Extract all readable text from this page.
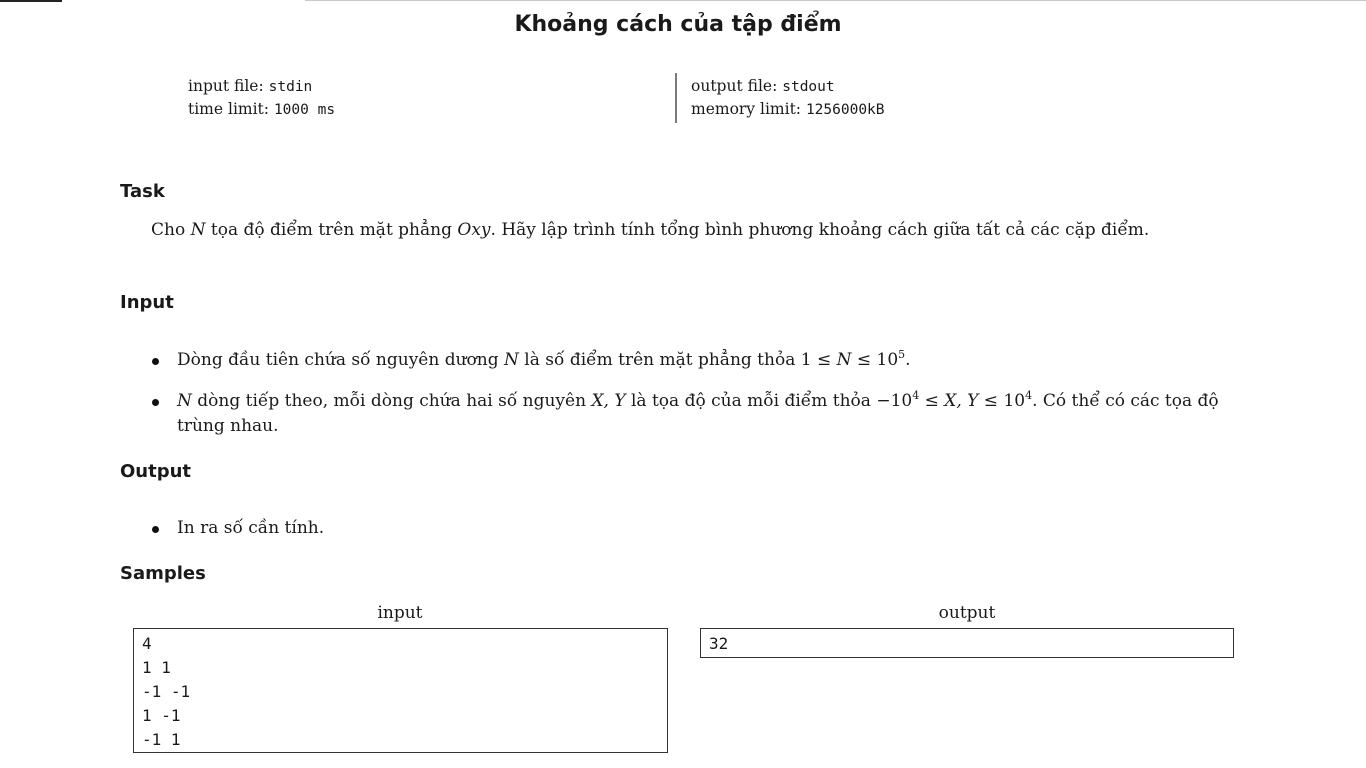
Khoảng cách của tập điểm
input file: stdin
time limit: 1000 ms
output file: stdout
memory limit: 1256000kB
Task
Cho N tọa độ điểm trên mặt phẳng Oxy. Hãy lập trình tính tổng bình phương khoảng cách giữa tất cả các cặp điểm.
Input
Dòng đầu tiên chứa số nguyên dương N là số điểm trên mặt phẳng thỏa $1 \le N \le 10^5$.
N dòng tiếp theo, mỗi dòng chứa hai số nguyên X, Y là tọa độ của mỗi điểm thỏa $-10^4 \le X$, $Y \le 10^4$. Có thể có các tọa độ trùng nhau.
Output
In ra số cần tính.
Samples
input	output
4
1 1
-1 -1
1 -1
-1 1
32
